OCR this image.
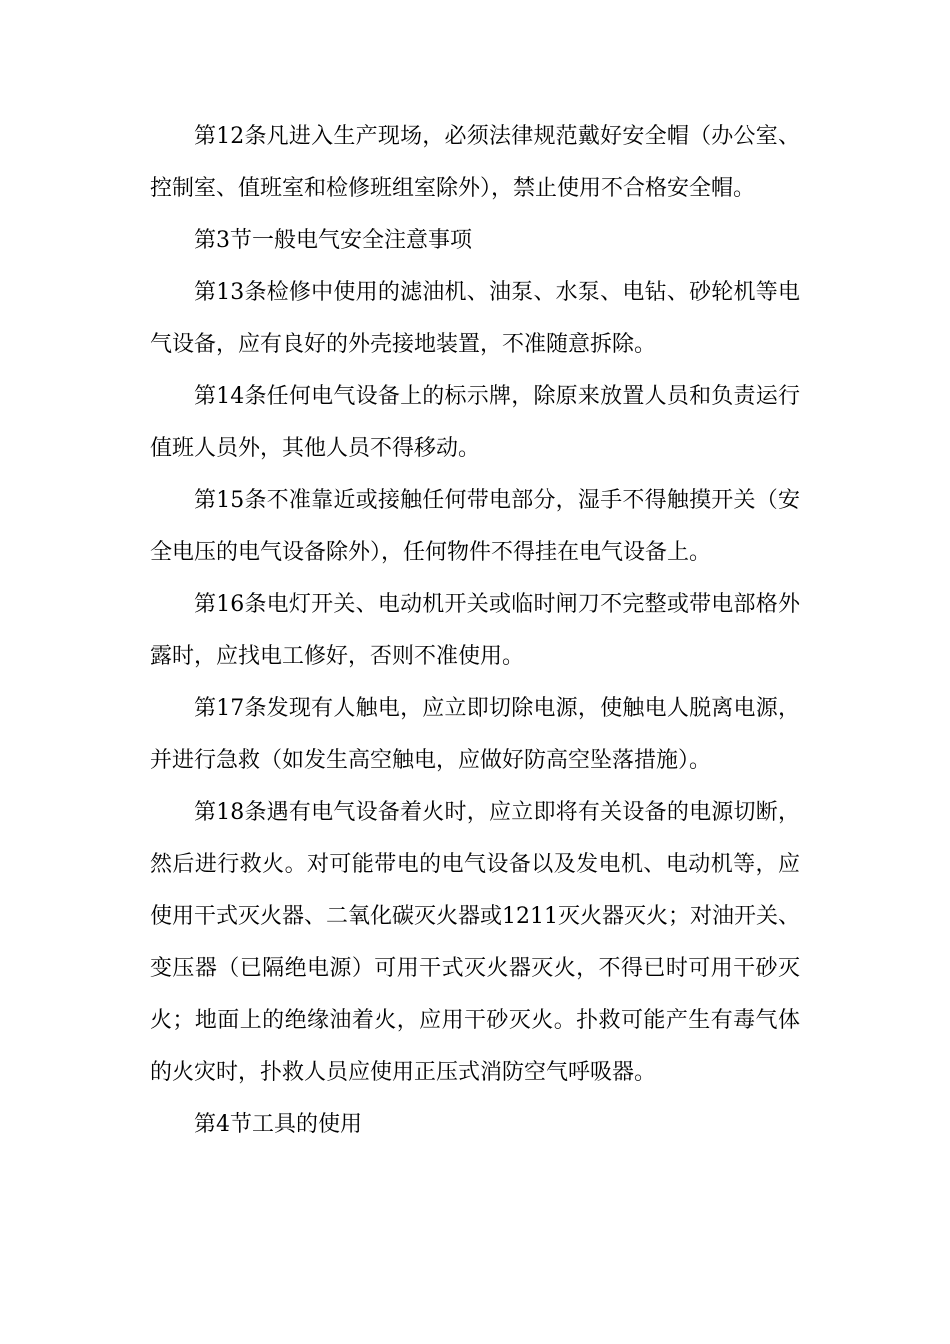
第12条凡进入生产现场，必须法律规范戴好安全帽（办公室、控制室、值班室和检修班组室除外），禁止使用不合格安全帽。

第3节一般电气安全注意事项

第13条检修中使用的滤油机、油泵、水泵、电钻、砂轮机等电气设备，应有良好的外壳接地装置，不准随意拆除。

第14条任何电气设备上的标示牌，除原来放置人员和负责运行值班人员外，其他人员不得移动。

第15条不准靠近或接触任何带电部分，湿手不得触摸开关（安全电压的电气设备除外），任何物件不得挂在电气设备上。

第16条电灯开关、电动机开关或临时闸刀不完整或带电部格外露时，应找电工修好，否则不准使用。

第17条发现有人触电，应立即切除电源，使触电人脱离电源，并进行急救（如发生高空触电，应做好防高空坠落措施）。

第18条遇有电气设备着火时，应立即将有关设备的电源切断，然后进行救火。对可能带电的电气设备以及发电机、电动机等，应使用干式灭火器、二氧化碳灭火器或1211灭火器灭火；对油开关、变压器（已隔绝电源）可用干式灭火器灭火，不得已时可用干砂灭火；地面上的绝缘油着火，应用干砂灭火。扑救可能产生有毒气体的火灾时，扑救人员应使用正压式消防空气呼吸器。

第4节工具的使用
